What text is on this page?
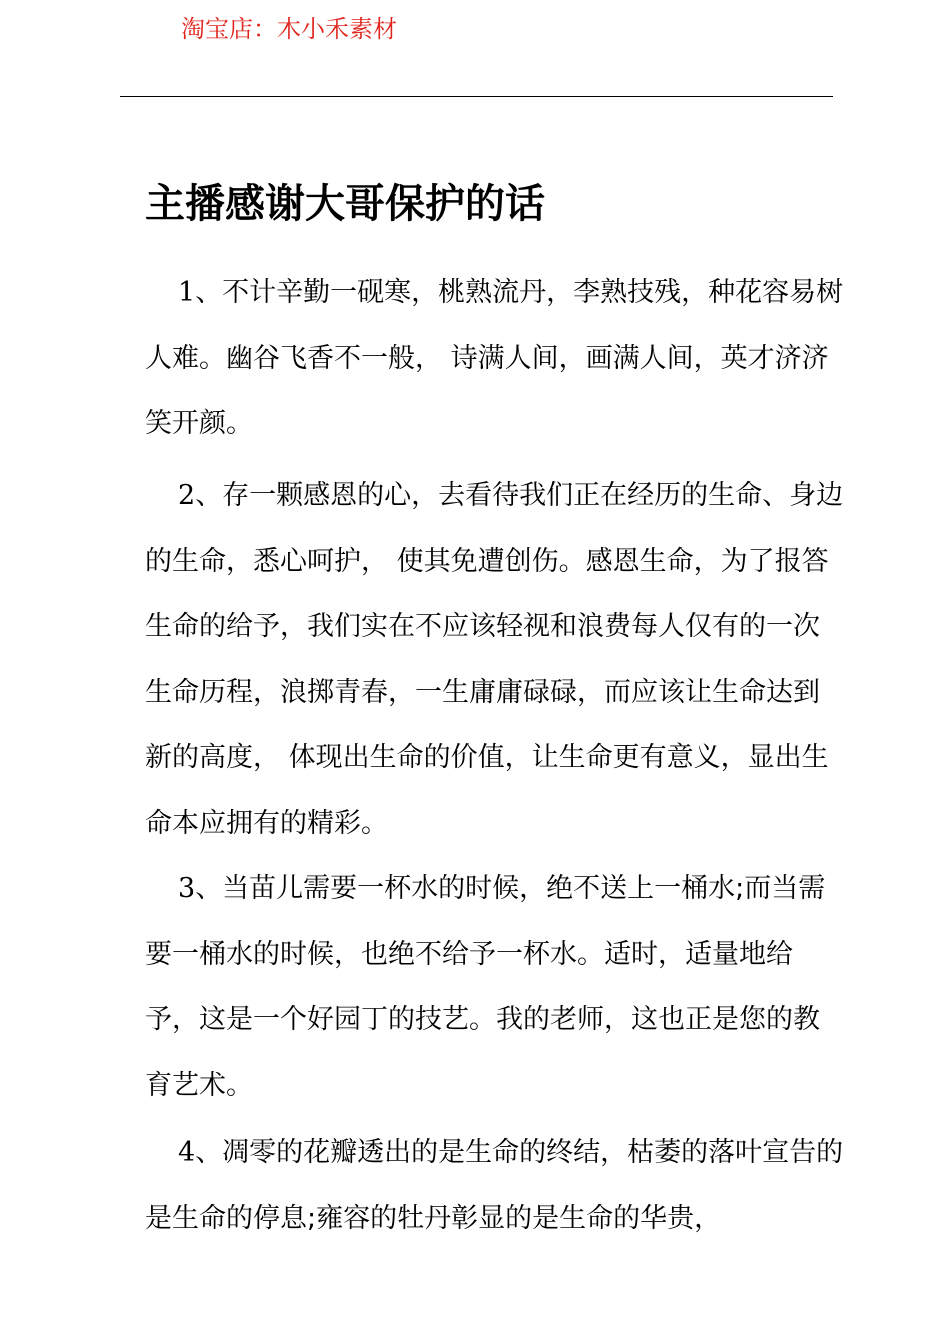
淘宝店：木小禾素材
主播感谢大哥保护的话

1、不计辛勤一砚寒，桃熟流丹，李熟技残，种花容易树人难。幽谷飞香不一般， 诗满人间，画满人间，英才济济笑开颜。

2、存一颗感恩的心，去看待我们正在经历的生命、身边的生命，悉心呵护， 使其免遭创伤。感恩生命，为了报答生命的给予，我们实在不应该轻视和浪费每人仅有的一次生命历程，浪掷青春，一生庸庸碌碌，而应该让生命达到新的高度， 体现出生命的价值，让生命更有意义，显出生命本应拥有的精彩。

3、当苗儿需要一杯水的时候，绝不送上一桶水;而当需要一桶水的时候，也绝不给予一杯水。适时，适量地给予，这是一个好园丁的技艺。我的老师，这也正是您的教育艺术。

4、凋零的花瓣透出的是生命的终结，枯萎的落叶宣告的是生命的停息;雍容的牡丹彰显的是生命的华贵，
